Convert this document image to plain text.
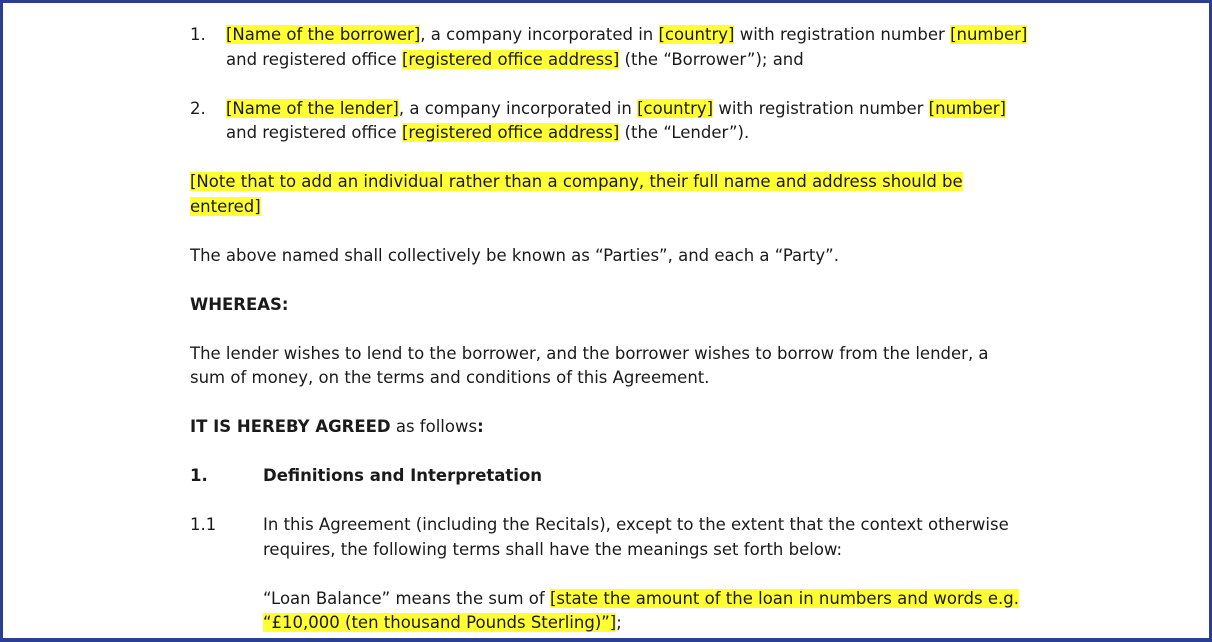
1. [Name of the borrower], a company incorporated in [country] with registration number [number]
and registered office [registered office address] (the “Borrower”); and
2. [Name of the lender], a company incorporated in [country] with registration number [number]
and registered office [registered office address] (the “Lender”).
[Note that to add an individual rather than a company, their full name and address should be
entered]
The above named shall collectively be known as “Parties”, and each a “Party”.
WHEREAS:
The lender wishes to lend to the borrower, and the borrower wishes to borrow from the lender, a sum of money, on the terms and conditions of this Agreement.
IT IS HEREBY AGREED as follows:
1.	Definitions and Interpretation
1.1	In this Agreement (including the Recitals), except to the extent that the context otherwise requires, the following terms shall have the meanings set forth below:
“Loan Balance” means the sum of [state the amount of the loan in numbers and words e.g.
“£10,000 (ten thousand Pounds Sterling)”];
